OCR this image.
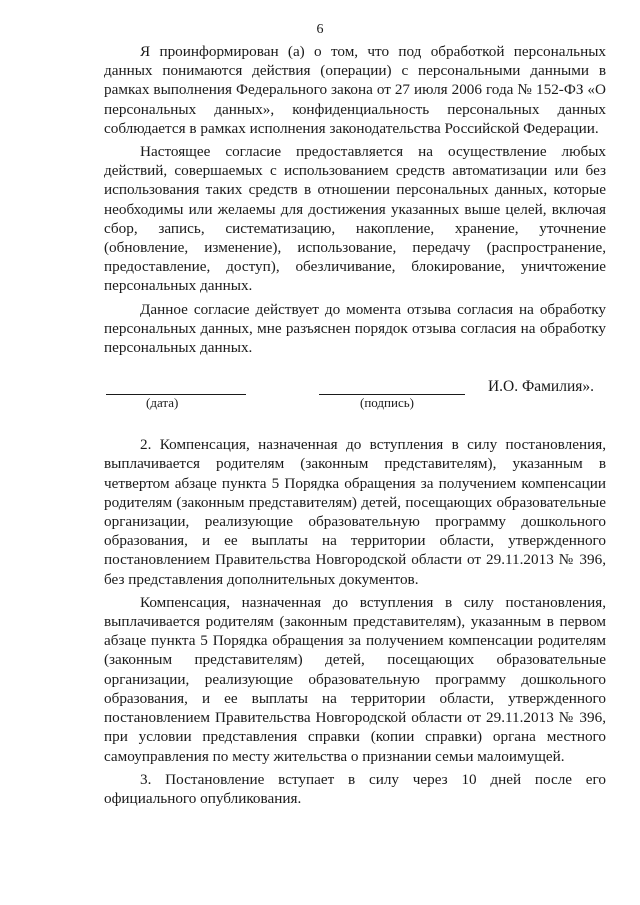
6

Я проинформирован (а) о том, что под обработкой персональных данных понимаются действия (операции) с персональными данными в рамках выполнения Федерального закона от 27 июля 2006 года № 152-ФЗ «О персональных данных», конфиденциальность персональных данных соблюдается в рамках исполнения законодательства Российской Федерации.

Настоящее согласие предоставляется на осуществление любых действий, совершаемых с использованием средств автоматизации или без использования таких средств в отношении персональных данных, которые необходимы или желаемы для достижения указанных выше целей, включая сбор, запись, систематизацию, накопление, хранение, уточнение (обновление, изменение), использование, передачу (распространение, предоставление, доступ), обезличивание, блокирование, уничтожение персональных данных.

Данное согласие действует до момента отзыва согласия на обработку персональных данных, мне разъяснен порядок отзыва согласия на обработку персональных данных.

(дата)	(подпись)
И.О. Фамилия».

2. Компенсация, назначенная до вступления в силу постановления, выплачивается родителям (законным представителям), указанным в четвертом абзаце пункта 5 Порядка обращения за получением компенсации родителям (законным представителям) детей, посещающих образовательные организации, реализующие образовательную программу дошкольного образования, и ее выплаты на территории области, утвержденного постановлением Правительства Новгородской области от 29.11.2013 № 396, без представления дополнительных документов.

Компенсация, назначенная до вступления в силу постановления, выплачивается родителям (законным представителям), указанным в первом абзаце пункта 5 Порядка обращения за получением компенсации родителям (законным представителям) детей, посещающих образовательные организации, реализующие образовательную программу дошкольного образования, и ее выплаты на территории области, утвержденного постановлением Правительства Новгородской области от 29.11.2013 № 396, при условии представления справки (копии справки) органа местного самоуправления по месту жительства о признании семьи малоимущей.

3. Постановление вступает в силу через 10 дней после его официального опубликования.
